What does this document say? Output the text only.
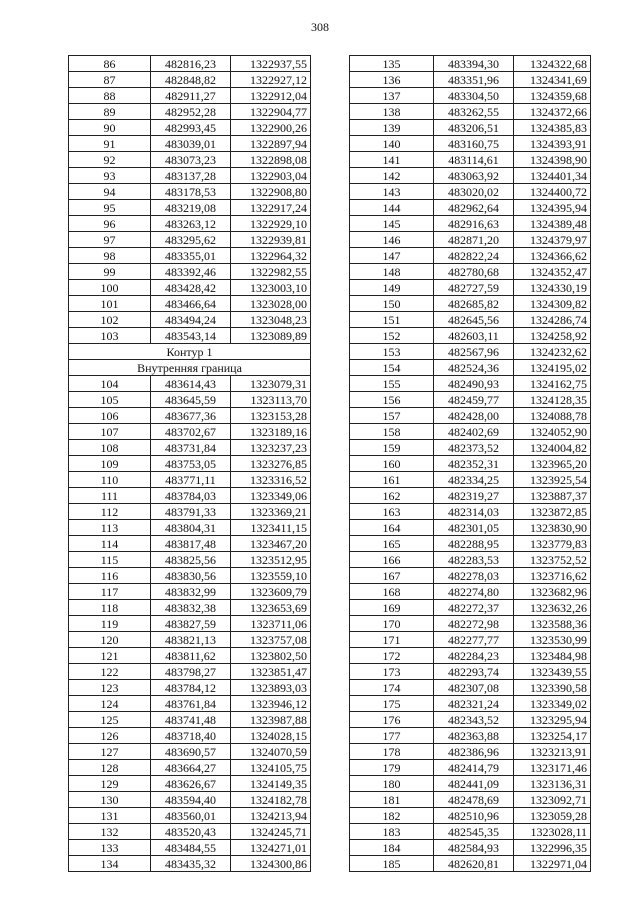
308
86	482816,23	1322937,55
87	482848,82	1322927,12
88	482911,27	1322912,04
89	482952,28	1322904,77
90	482993,45	1322900,26
91	483039,01	1322897,94
92	483073,23	1322898,08
93	483137,28	1322903,04
94	483178,53	1322908,80
95	483219,08	1322917,24
96	483263,12	1322929,10
97	483295,62	1322939,81
98	483355,01	1322964,32
99	483392,46	1322982,55
100	483428,42	1323003,10
101	483466,64	1323028,00
102	483494,24	1323048,23
103	483543,14	1323089,89
Контур 1		
Внутренняя граница		
104	483614,43	1323079,31
105	483645,59	1323113,70
106	483677,36	1323153,28
107	483702,67	1323189,16
108	483731,84	1323237,23
109	483753,05	1323276,85
110	483771,11	1323316,52
111	483784,03	1323349,06
112	483791,33	1323369,21
113	483804,31	1323411,15
114	483817,48	1323467,20
115	483825,56	1323512,95
116	483830,56	1323559,10
117	483832,99	1323609,79
118	483832,38	1323653,69
119	483827,59	1323711,06
120	483821,13	1323757,08
121	483811,62	1323802,50
122	483798,27	1323851,47
123	483784,12	1323893,03
124	483761,84	1323946,12
125	483741,48	1323987,88
126	483718,40	1324028,15
127	483690,57	1324070,59
128	483664,27	1324105,75
129	483626,67	1324149,35
130	483594,40	1324182,78
131	483560,01	1324213,94
132	483520,43	1324245,71
133	483484,55	1324271,01
134	483435,32	1324300,86
135	483394,30	1324322,68
136	483351,96	1324341,69
137	483304,50	1324359,68
138	483262,55	1324372,66
139	483206,51	1324385,83
140	483160,75	1324393,91
141	483114,61	1324398,90
142	483063,92	1324401,34
143	483020,02	1324400,72
144	482962,64	1324395,94
145	482916,63	1324389,48
146	482871,20	1324379,97
147	482822,24	1324366,62
148	482780,68	1324352,47
149	482727,59	1324330,19
150	482685,82	1324309,82
151	482645,56	1324286,74
152	482603,11	1324258,92
153	482567,96	1324232,62
154	482524,36	1324195,02
155	482490,93	1324162,75
156	482459,77	1324128,35
157	482428,00	1324088,78
158	482402,69	1324052,90
159	482373,52	1324004,82
160	482352,31	1323965,20
161	482334,25	1323925,54
162	482319,27	1323887,37
163	482314,03	1323872,85
164	482301,05	1323830,90
165	482288,95	1323779,83
166	482283,53	1323752,52
167	482278,03	1323716,62
168	482274,80	1323682,96
169	482272,37	1323632,26
170	482272,98	1323588,36
171	482277,77	1323530,99
172	482284,23	1323484,98
173	482293,74	1323439,55
174	482307,08	1323390,58
175	482321,24	1323349,02
176	482343,52	1323295,94
177	482363,88	1323254,17
178	482386,96	1323213,91
179	482414,79	1323171,46
180	482441,09	1323136,31
181	482478,69	1323092,71
182	482510,96	1323059,28
183	482545,35	1323028,11
184	482584,93	1322996,35
185	482620,81	1322971,04
